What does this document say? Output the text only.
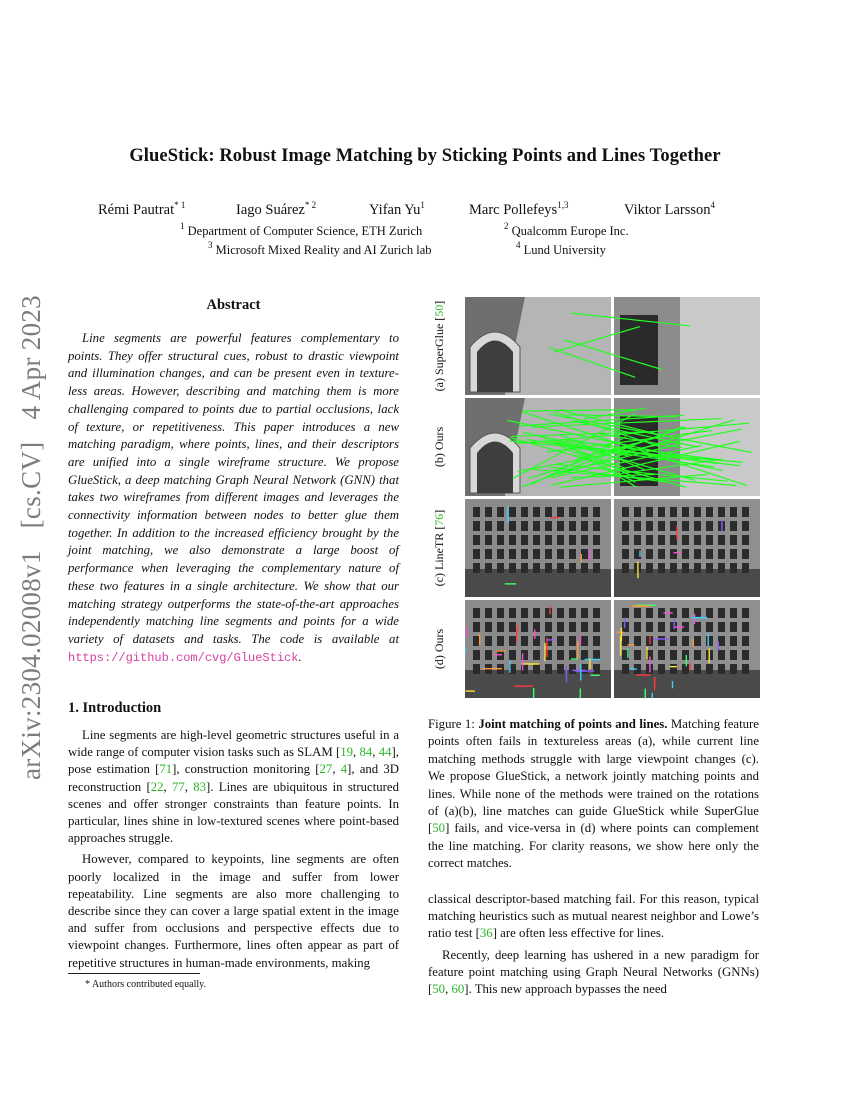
GlueStick: Robust Image Matching by Sticking Points and Lines Together
Rémi Pautrat$^{* 1}$	Iago Suárez$^{* 2}$	Yifan Yu$^1$	Marc Pollefeys$^{1,3}$	Viktor Larsson$^4$
$^1$ Department of Computer Science, ETH Zurich	$^2$ Qualcomm Europe Inc.
$^3$ Microsoft Mixed Reality and AI Zurich lab	$^4$ Lund University
arXiv:2304.02008v1[cs.CV]4 Apr 2023	Abstract
Line segments are powerful features complementary to points. They offer structural cues, robust to drastic viewpoint and illumination changes, and can be present even in texture-less areas. However, describing and matching them is more challenging compared to points due to partial occlusions, lack of texture, or repetitiveness. This paper introduces a new matching paradigm, where points, lines, and their descriptors are unified into a single wireframe structure. We propose GlueStick, a deep matching Graph Neural Network (GNN) that takes two wireframes from different images and leverages the connectivity information between nodes to better glue them together. In addition to the increased efficiency brought by the joint matching, we also demonstrate a large boost of performance when leveraging the complementary nature of these two features in a single architecture. We show that our matching strategy outperforms the state-of-the-art approaches independently matching line segments and points for a wide variety of datasets and tasks. The code is available at https://github.com/cvg/GlueStick.
1. Introduction

Line segments are high-level geometric structures useful in a wide range of computer vision tasks such as SLAM [19, 84, 44], pose estimation [71], construction monitoring [27, 4], and 3D reconstruction [22, 77, 83]. Lines are ubiquitous in structured scenes and offer stronger constraints than feature points. In particular, lines shine in low-textured scenes where point-based approaches struggle.

However, compared to keypoints, line segments are often poorly localized in the image and suffer from lower repeatability. Line segments are also more challenging to describe since they can cover a large spatial extent in the image and suffer from occlusions and perspective effects due to viewpoint changes. Furthermore, lines often appear as part of repetitive structures in human-made environments, making

* Authors contributed equally.
(a) SuperGlue [50]
(b) Ours
(c) LineTR [76]
(d) Ours
Figure 1: Joint matching of points and lines. Matching feature points often fails in textureless areas (a), while current line matching methods struggle with large viewpoint changes (c). We propose GlueStick, a network jointly matching points and lines. While none of the methods were trained on the rotations of (a)(b), line matches can guide GlueStick while SuperGlue [50] fails, and vice-versa in (d) where points can complement the line matching. For clarity reasons, we show here only the correct matches.

classical descriptor-based matching fail. For this reason, typical matching heuristics such as mutual nearest neighbor and Lowe’s ratio test [36] are often less effective for lines.

Recently, deep learning has ushered in a new paradigm for feature point matching using Graph Neural Networks (GNNs) [50, 60]. This new approach bypasses the need
